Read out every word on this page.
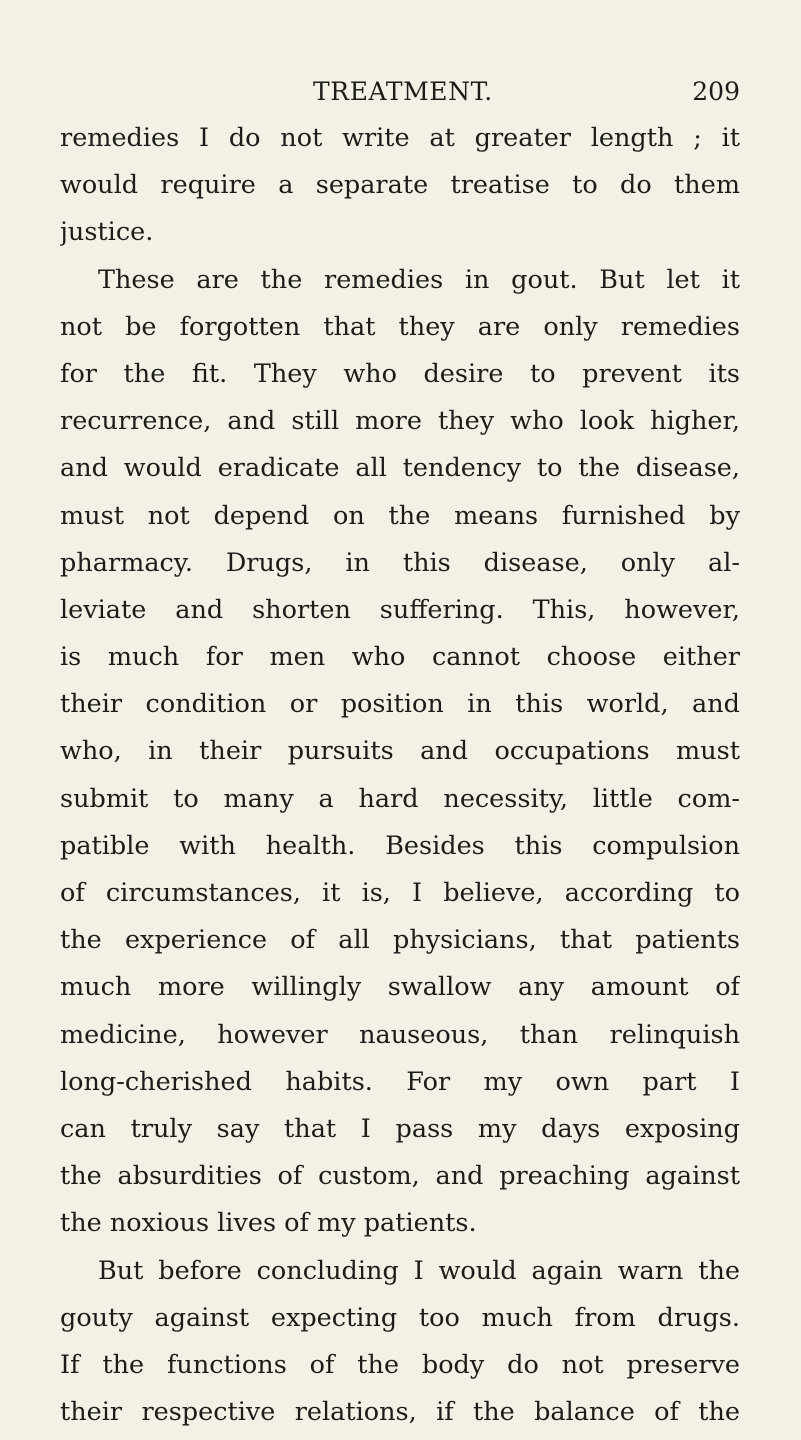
TREATMENT.	209
remedies I do not write at greater length ; it
would require a separate treatise to do them
justice.
These are the remedies in gout. But let it
not be forgotten that they are only remedies
for the fit. They who desire to prevent its
recurrence, and still more they who look higher,
and would eradicate all tendency to the disease,
must not depend on the means furnished by
pharmacy. Drugs, in this disease, only al-
leviate and shorten suffering. This, however,
is much for men who cannot choose either
their condition or position in this world, and
who, in their pursuits and occupations must
submit to many a hard necessity, little com-
patible with health. Besides this compulsion
of circumstances, it is, I believe, according to
the experience of all physicians, that patients
much more willingly swallow any amount of
medicine, however nauseous, than relinquish
long-cherished habits. For my own part I
can truly say that I pass my days exposing
the absurdities of custom, and preaching against
the noxious lives of my patients.
But before concluding I would again warn the
gouty against expecting too much from drugs.
If the functions of the body do not preserve
their respective relations, if the balance of the
